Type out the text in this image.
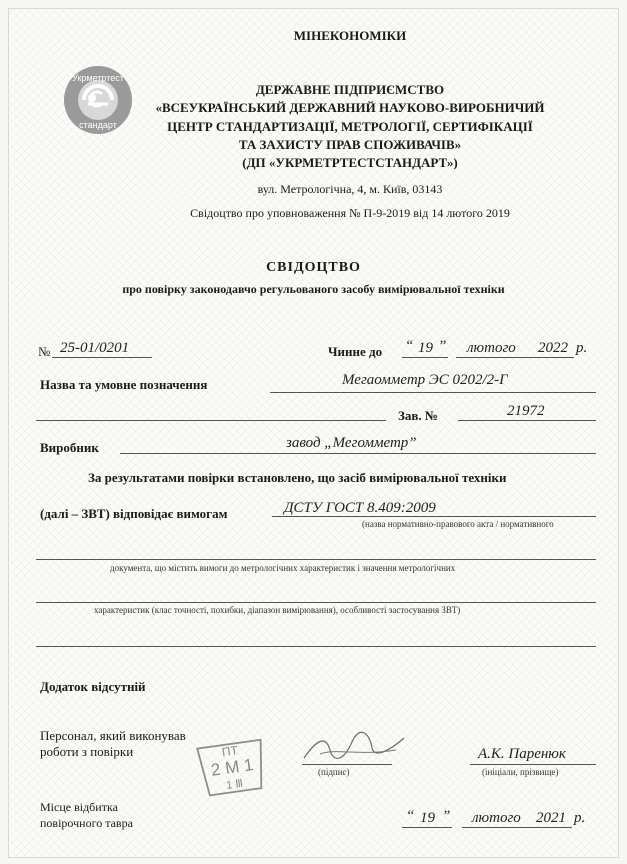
Укрметртест
стандарт
МІНЕКОНОМІКИ
ДЕРЖАВНЕ ПІДПРИЄМСТВО
«ВСЕУКРАЇНСЬКИЙ ДЕРЖАВНИЙ НАУКОВО-ВИРОБНИЧИЙ
ЦЕНТР СТАНДАРТИЗАЦІЇ, МЕТРОЛОГІЇ, СЕРТИФІКАЦІЇ
ТА ЗАХИСТУ ПРАВ СПОЖИВАЧІВ»
(ДП «УКРМЕТРТЕСТСТАНДАРТ»)
вул. Метрологічна, 4, м. Київ, 03143
Свідоцтво про уповноваження № П-9-2019 від 14 лютого 2019
СВІДОЦТВО
про повірку законодавчо регульованого засобу вимірювальної техніки
№ 25-01/0201	Чинне до “ 19 ” лютого 2022 р.
Назва та умовне позначення	Мегаомметр ЭС 0202/2-Г
Зав. №	21972
Виробник	завод „Мегомметр”
За результатами повірки встановлено, що засіб вимірювальної техніки
(далі – ЗВТ) відповідає вимогам	ДСТУ ГОСТ 8.409:2009
(назва нормативно-правового акта / нормативного
документа, що містить вимоги до метрологічних характеристик і значення метрологічних
характеристик (клас точності, похибки, діапазон вимірювання), особливості застосування ЗВТ)
Додаток відсутній
Персонал, який виконував
роботи з повірки
(підпис)
А.К. Паренюк
(ініціали, прізвище)
ПТ
2 М 1
1 Ⅲ
Місце відбитка
повірочного тавра	“ 19 ” лютого 2021 р.
